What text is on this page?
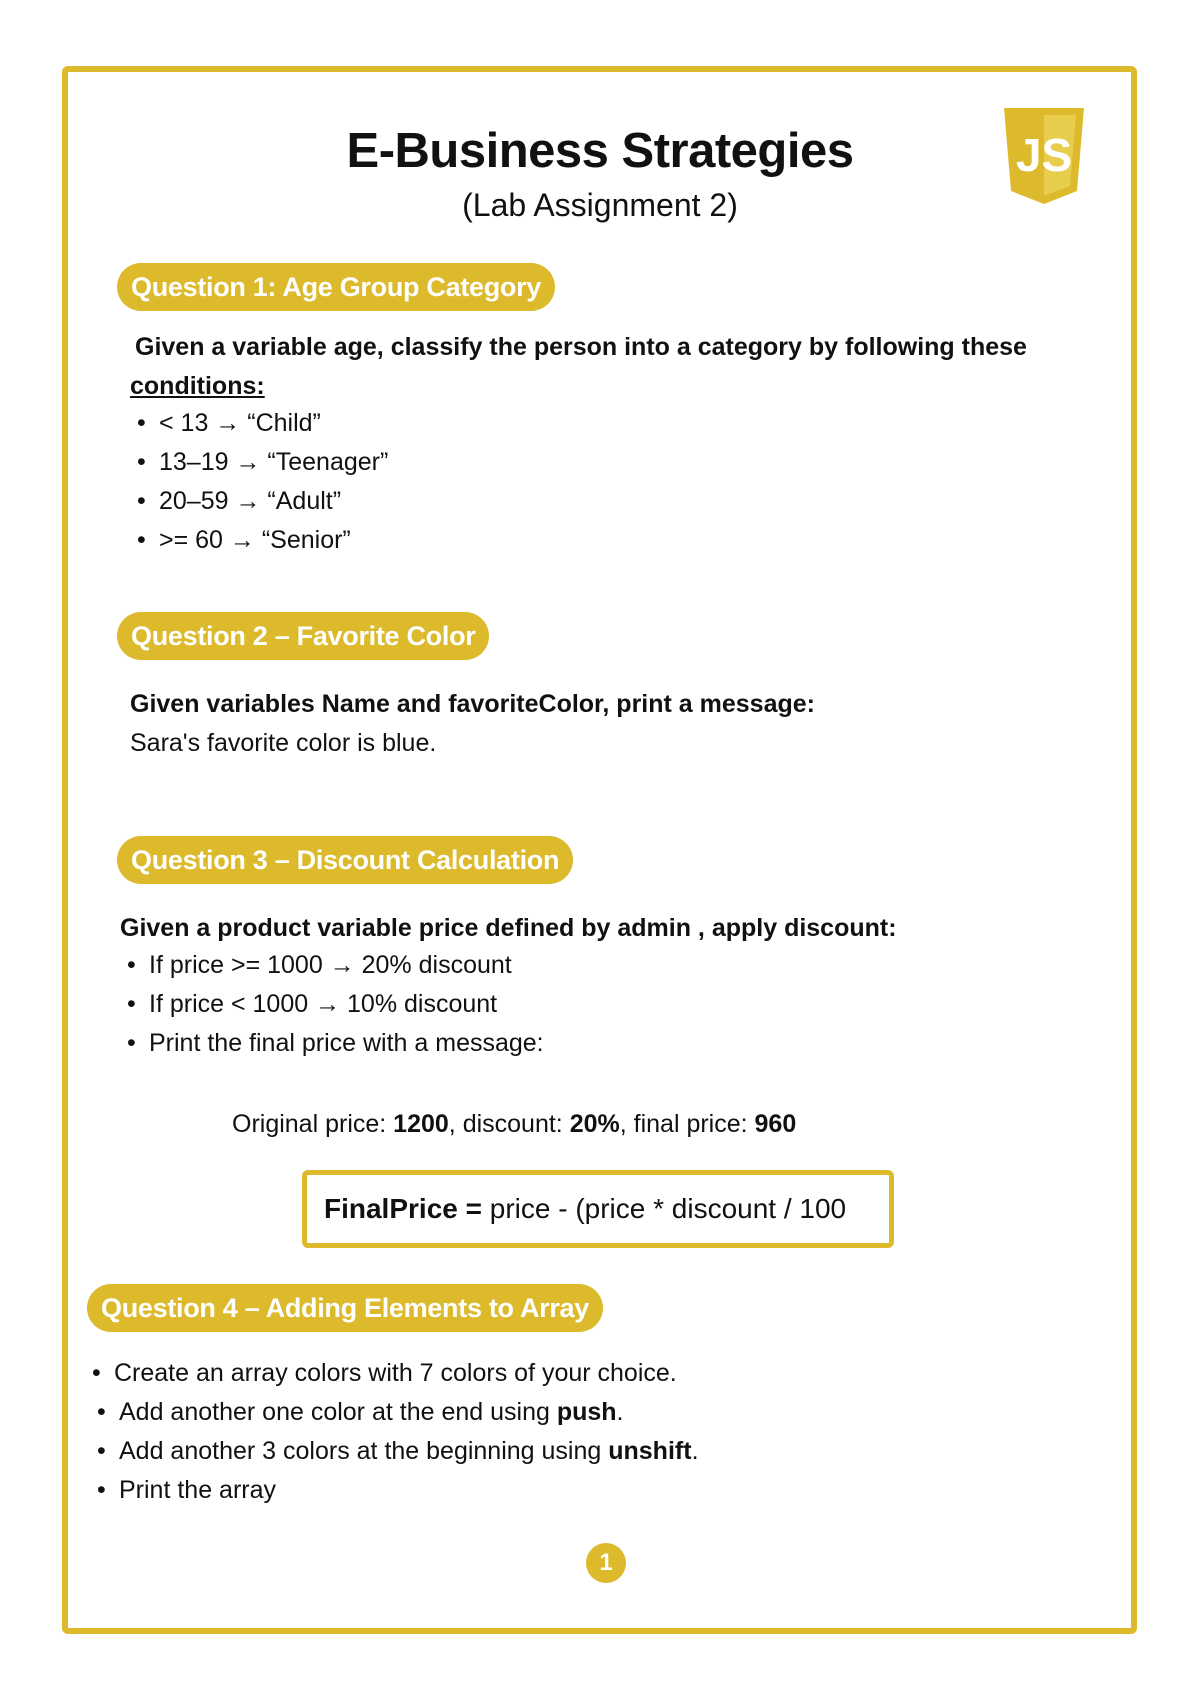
E-Business Strategies

(Lab Assignment 2)

JS
Question 1: Age Group Category

Given a variable age, classify the person into a category by following these

conditions:

• < 13 → “Child”
• 13–19 → “Teenager”
• 20–59 → “Adult”
• >= 60 → “Senior”
Question 2 – Favorite Color

Given variables Name and favoriteColor, print a message:

Sara's favorite color is blue.

Question 3 – Discount Calculation

Given a product variable price defined by admin , apply discount:

• If price >= 1000 → 20% discount
• If price < 1000 → 10% discount
• Print the final price with a message:

Original price: 1200, discount: 20%, final price: 960

FinalPrice = price - (price * discount / 100
Question 4 – Adding Elements to Array
• Create an array colors with 7 colors of your choice.
• Add another one color at the end using push.
• Add another 3 colors at the beginning using unshift.
• Print the array
1
